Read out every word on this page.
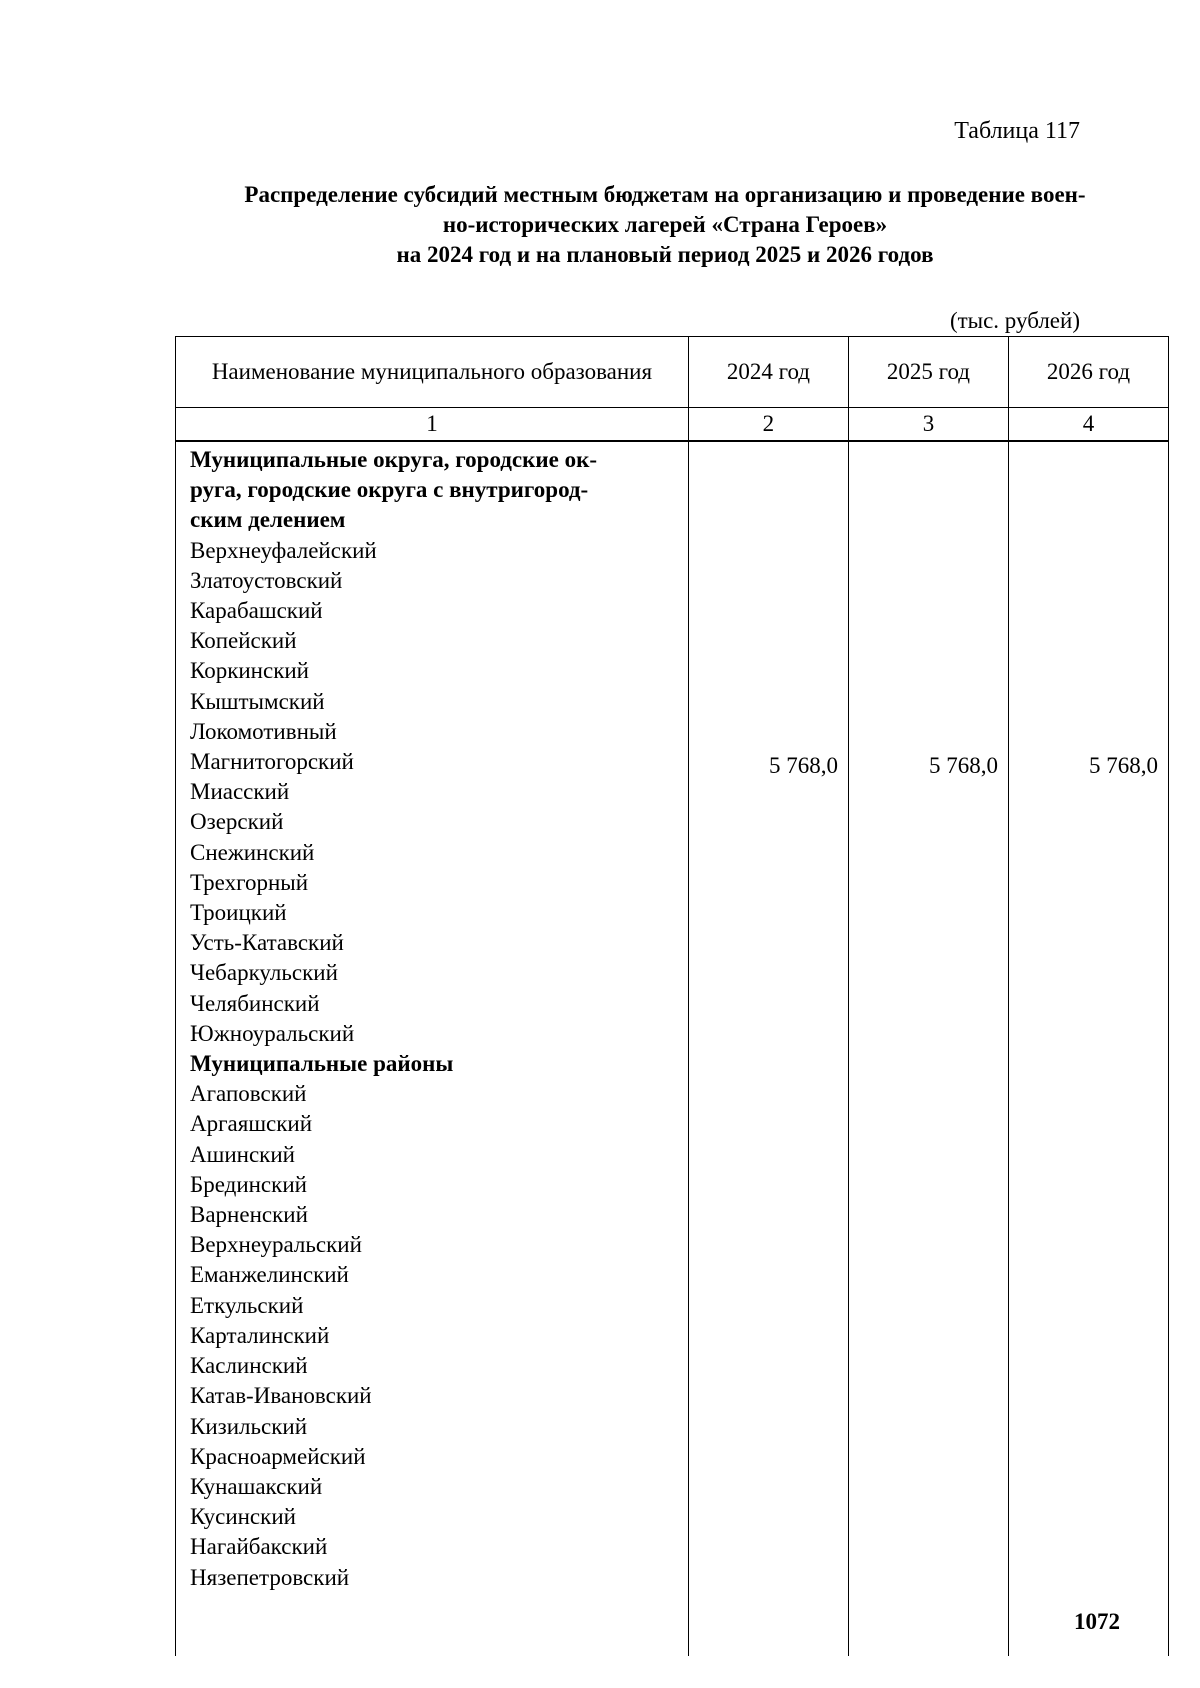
Таблица 117
Распределение субсидий местным бюджетам на организацию и проведение воен-
но-исторических лагерей «Страна Героев»
на 2024 год и на плановый период 2025 и 2026 годов
(тыс. рублей)
Наименование муниципального образования	2024 год	2025 год	2026 год
1	2	3	4
Муниципальные округа, городские ок-
руга, городские округа с внутригород-
ским делением
Верхнеуфалейский
Златоустовский
Карабашский
Копейский
Коркинский
Кыштымский
Локомотивный
Магнитогорский
Миасский
Озерский
Снежинский
Трехгорный
Троицкий
Усть-Катавский
Чебаркульский
Челябинский
Южноуральский
Муниципальные районы
Агаповский
Аргаяшский
Ашинский
Брединский
Варненский
Верхнеуральский
Еманжелинский
Еткульский
Карталинский
Каслинский
Катав-Ивановский
Кизильский
Красноармейский
Кунашакский
Кусинский
Нагайбакский
Нязепетровский
5 768,0	5 768,0	5 768,0
1072
